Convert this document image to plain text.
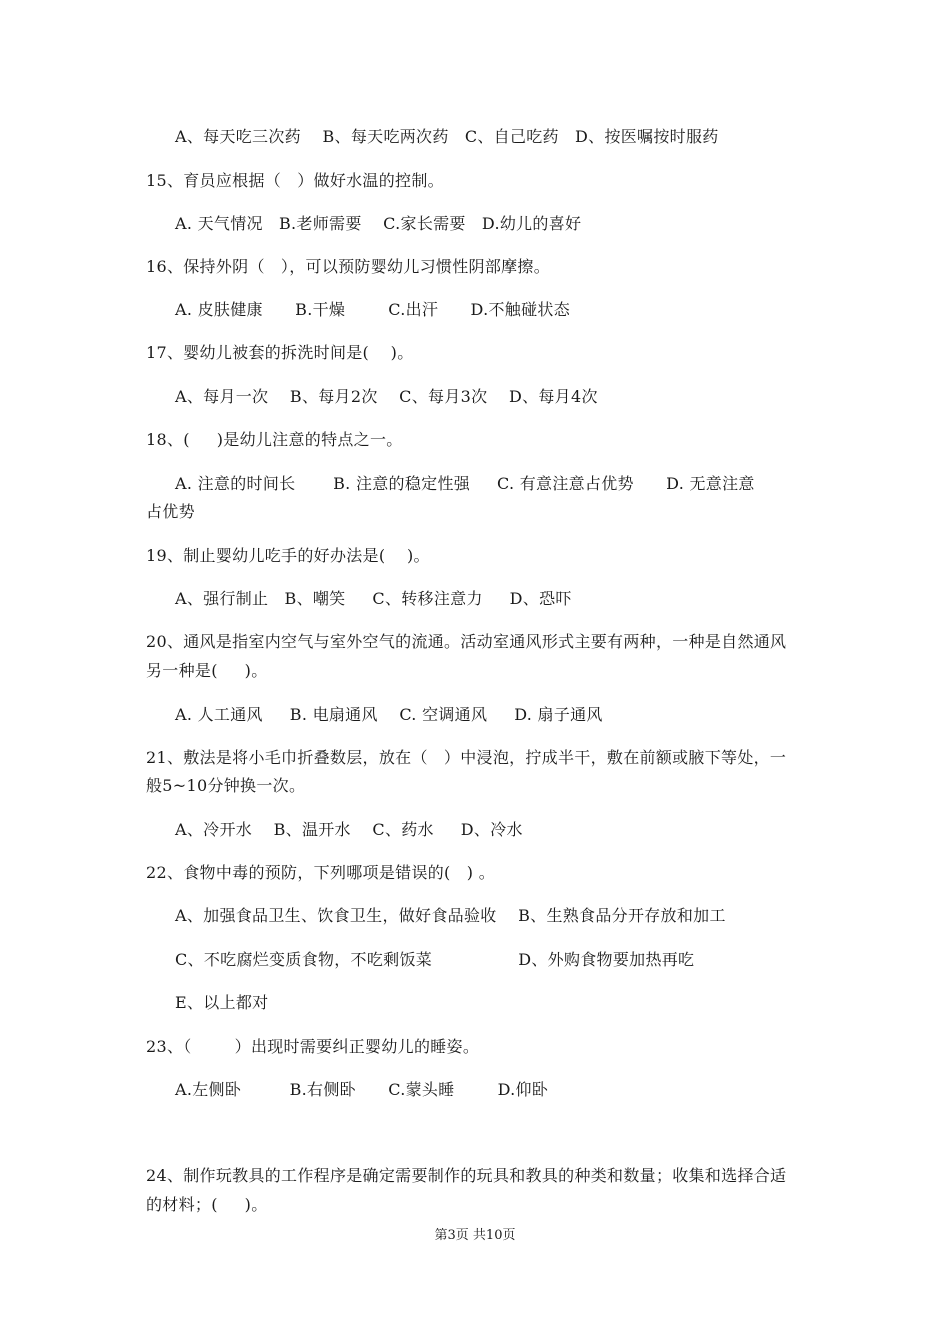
A、每天吃三次药    B、每天吃两次药   C、自己吃药   D、按医嘱按时服药
15、育员应根据（   ）做好水温的控制。
A. 天气情况   B.老师需要    C.家长需要   D.幼儿的喜好
16、保持外阴（   ），可以预防婴幼儿习惯性阴部摩擦。
A. 皮肤健康      B.干燥        C.出汗      D.不触碰状态
17、婴幼儿被套的拆洗时间是(    )。
A、每月一次    B、每月2次    C、每月3次    D、每月4次
18、(     )是幼儿注意的特点之一。
A. 注意的时间长       B. 注意的稳定性强     C. 有意注意占优势      D. 无意注意
占优势
19、制止婴幼儿吃手的好办法是(    )。
A、强行制止   B、嘲笑     C、转移注意力     D、恐吓
20、通风是指室内空气与室外空气的流通。活动室通风形式主要有两种，一种是自然通风
另一种是(     )。
A. 人工通风     B. 电扇通风    C. 空调通风     D. 扇子通风
21、敷法是将小毛巾折叠数层，放在（   ）中浸泡，拧成半干，敷在前额或腋下等处，一
般5~10分钟换一次。
A、冷开水    B、温开水    C、药水     D、冷水
22、食物中毒的预防，下列哪项是错误的(   ) 。
A、加强食品卫生、饮食卫生，做好食品验收    B、生熟食品分开存放和加工
C、不吃腐烂变质食物，不吃剩饭菜                D、外购食物要加热再吃
E、以上都对
23、（        ）出现时需要纠正婴幼儿的睡姿。
A.左侧卧         B.右侧卧      C.蒙头睡        D.仰卧
24、制作玩教具的工作程序是确定需要制作的玩具和教具的种类和数量；收集和选择合适
的材料；(     )。
第3页 共10页
